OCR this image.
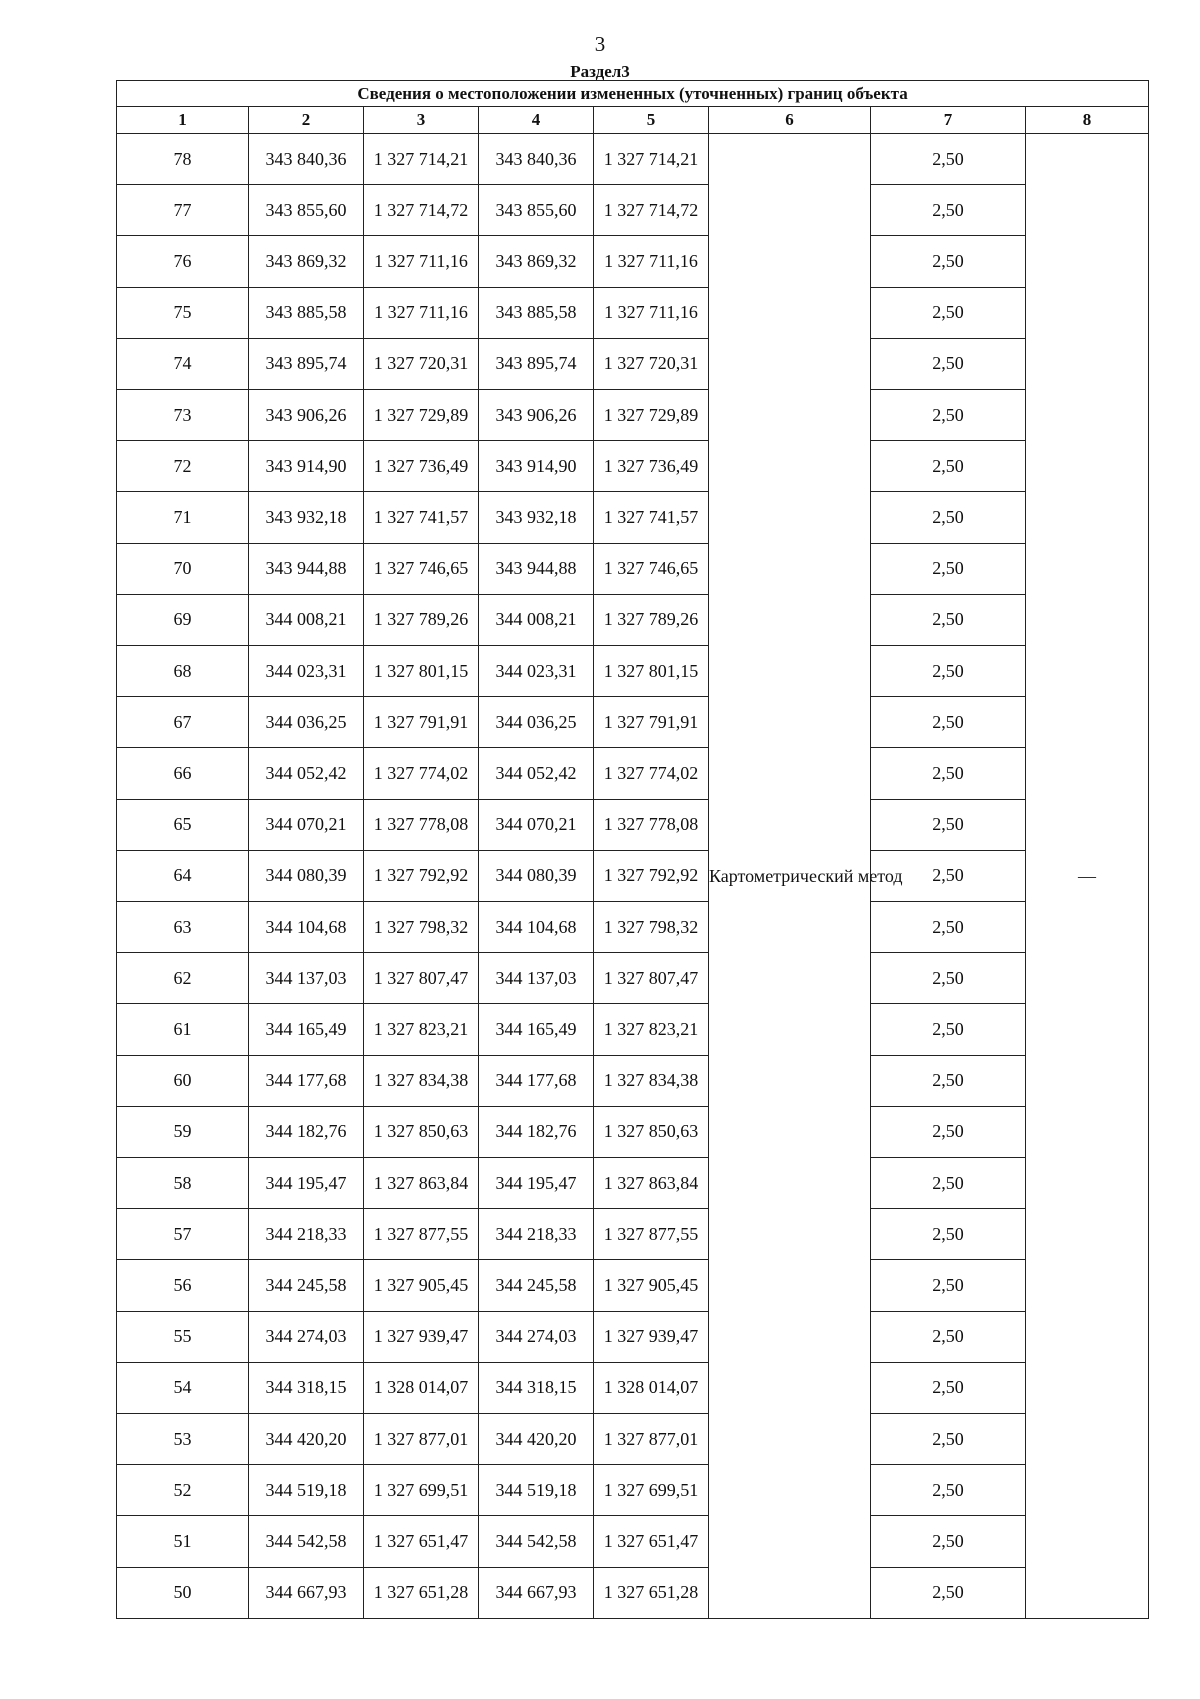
3
Раздел3
Сведения о местоположении измененных (уточненных) границ объекта							
1	2	3	4	5	6	7	8
78	343 840,36	1 327 714,21	343 840,36	1 327 714,21	Картометрический метод	2,50	—
77	343 855,60	1 327 714,72	343 855,60	1 327 714,72		2,50	
76	343 869,32	1 327 711,16	343 869,32	1 327 711,16		2,50	
75	343 885,58	1 327 711,16	343 885,58	1 327 711,16		2,50	
74	343 895,74	1 327 720,31	343 895,74	1 327 720,31		2,50	
73	343 906,26	1 327 729,89	343 906,26	1 327 729,89		2,50	
72	343 914,90	1 327 736,49	343 914,90	1 327 736,49		2,50	
71	343 932,18	1 327 741,57	343 932,18	1 327 741,57		2,50	
70	343 944,88	1 327 746,65	343 944,88	1 327 746,65		2,50	
69	344 008,21	1 327 789,26	344 008,21	1 327 789,26		2,50	
68	344 023,31	1 327 801,15	344 023,31	1 327 801,15		2,50	
67	344 036,25	1 327 791,91	344 036,25	1 327 791,91		2,50	
66	344 052,42	1 327 774,02	344 052,42	1 327 774,02		2,50	
65	344 070,21	1 327 778,08	344 070,21	1 327 778,08		2,50	
64	344 080,39	1 327 792,92	344 080,39	1 327 792,92		2,50	
63	344 104,68	1 327 798,32	344 104,68	1 327 798,32		2,50	
62	344 137,03	1 327 807,47	344 137,03	1 327 807,47		2,50	
61	344 165,49	1 327 823,21	344 165,49	1 327 823,21		2,50	
60	344 177,68	1 327 834,38	344 177,68	1 327 834,38		2,50	
59	344 182,76	1 327 850,63	344 182,76	1 327 850,63		2,50	
58	344 195,47	1 327 863,84	344 195,47	1 327 863,84		2,50	
57	344 218,33	1 327 877,55	344 218,33	1 327 877,55		2,50	
56	344 245,58	1 327 905,45	344 245,58	1 327 905,45		2,50	
55	344 274,03	1 327 939,47	344 274,03	1 327 939,47		2,50	
54	344 318,15	1 328 014,07	344 318,15	1 328 014,07		2,50	
53	344 420,20	1 327 877,01	344 420,20	1 327 877,01		2,50	
52	344 519,18	1 327 699,51	344 519,18	1 327 699,51		2,50	
51	344 542,58	1 327 651,47	344 542,58	1 327 651,47		2,50	
50	344 667,93	1 327 651,28	344 667,93	1 327 651,28		2,50	
